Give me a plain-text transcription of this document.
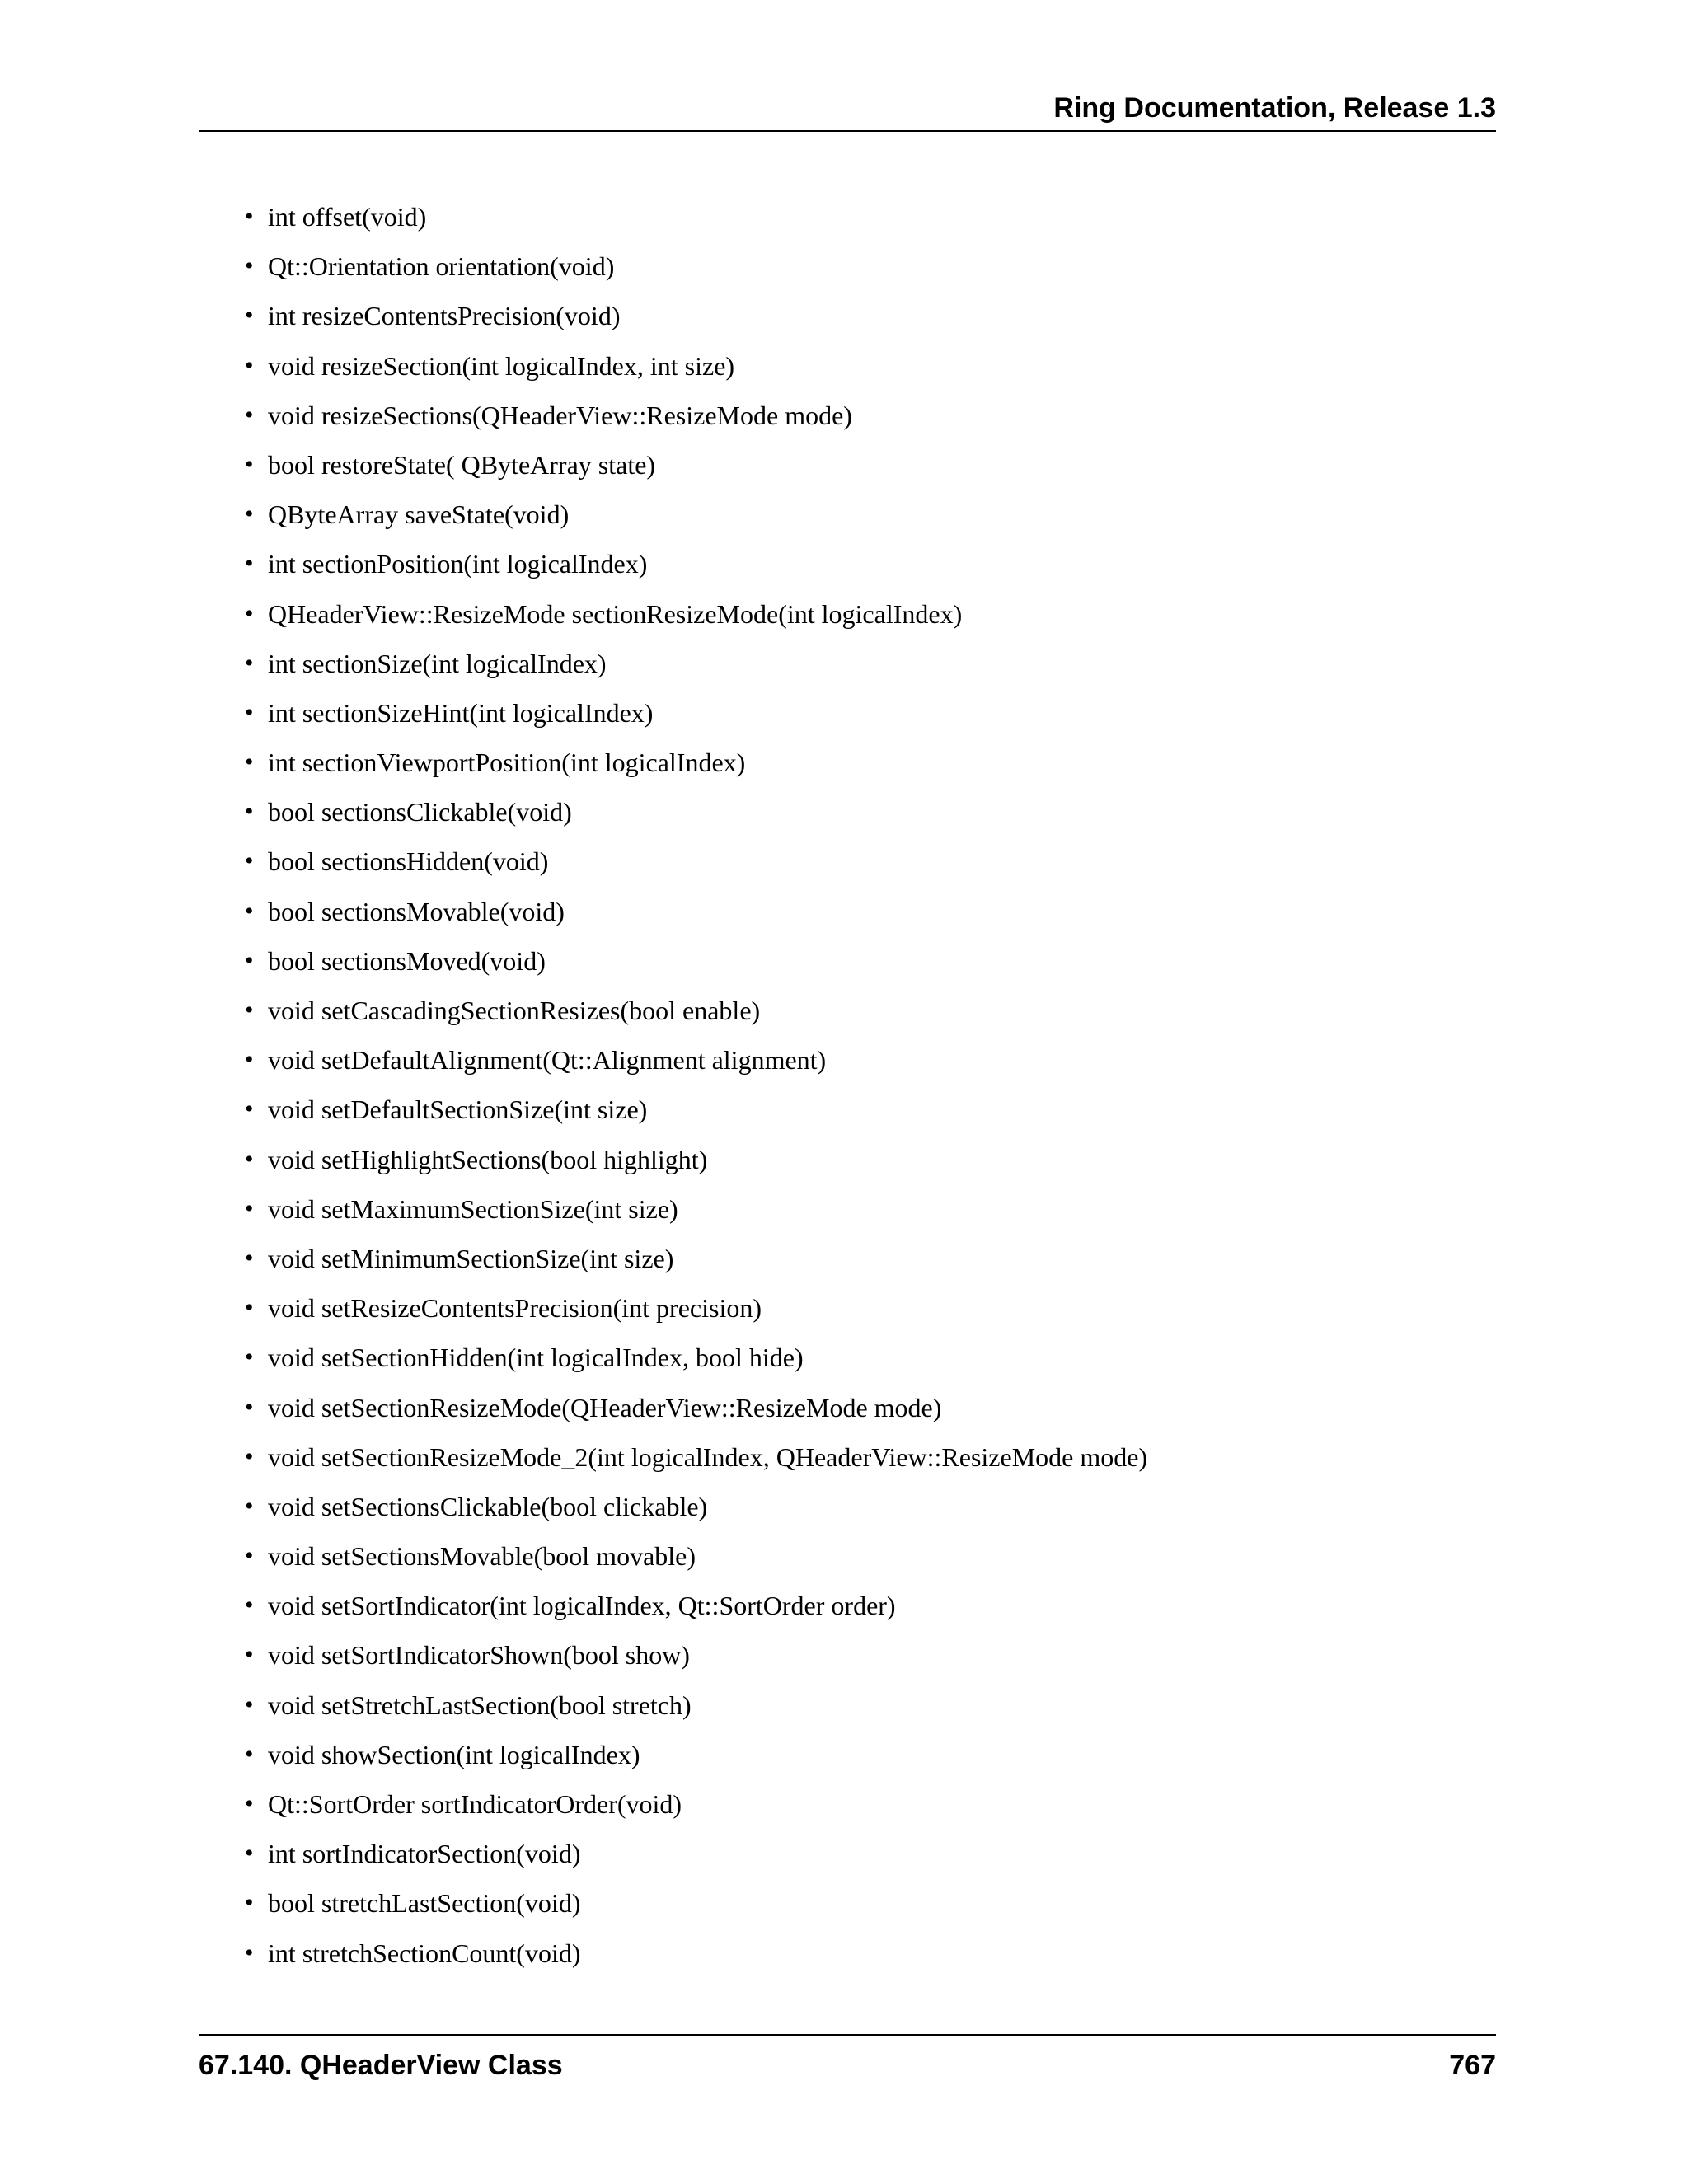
Ring Documentation, Release 1.3
• int offset(void)
• Qt::Orientation orientation(void)
• int resizeContentsPrecision(void)
• void resizeSection(int logicalIndex, int size)
• void resizeSections(QHeaderView::ResizeMode mode)
• bool restoreState( QByteArray state)
• QByteArray saveState(void)
• int sectionPosition(int logicalIndex)
• QHeaderView::ResizeMode sectionResizeMode(int logicalIndex)
• int sectionSize(int logicalIndex)
• int sectionSizeHint(int logicalIndex)
• int sectionViewportPosition(int logicalIndex)
• bool sectionsClickable(void)
• bool sectionsHidden(void)
• bool sectionsMovable(void)
• bool sectionsMoved(void)
• void setCascadingSectionResizes(bool enable)
• void setDefaultAlignment(Qt::Alignment alignment)
• void setDefaultSectionSize(int size)
• void setHighlightSections(bool highlight)
• void setMaximumSectionSize(int size)
• void setMinimumSectionSize(int size)
• void setResizeContentsPrecision(int precision)
• void setSectionHidden(int logicalIndex, bool hide)
• void setSectionResizeMode(QHeaderView::ResizeMode mode)
• void setSectionResizeMode_2(int logicalIndex, QHeaderView::ResizeMode mode)
• void setSectionsClickable(bool clickable)
• void setSectionsMovable(bool movable)
• void setSortIndicator(int logicalIndex, Qt::SortOrder order)
• void setSortIndicatorShown(bool show)
• void setStretchLastSection(bool stretch)
• void showSection(int logicalIndex)
• Qt::SortOrder sortIndicatorOrder(void)
• int sortIndicatorSection(void)
• bool stretchLastSection(void)
• int stretchSectionCount(void)
67.140. QHeaderView Class	767
